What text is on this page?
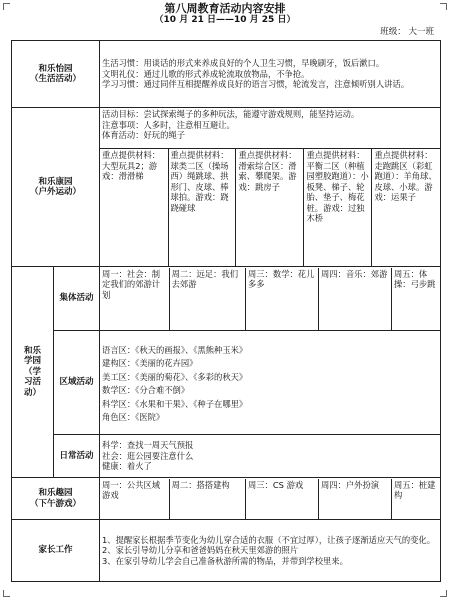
第八周教育活动内容安排
（10 月 21 日——10 月 25 日）
班级： 大一班
和乐怡园
（生活活动）

生活习惯：用谈话的形式来养成良好的个人卫生习惯，早晚刷牙，饭后漱口。
文明礼仪：通过儿歌的形式养成轮流取放物品，不争抢。
学习习惯：通过同伴互相提醒养成良好的语言习惯，轮流发言，注意倾听别人讲话。

和乐康园
（户外运动）

活动目标：尝试探索绳子的多种玩法，能遵守游戏规则，能坚持运动。
注意事项：人多时，注意相互避让。
体育活动：好玩的绳子

重点提供材料：大型玩具2；游戏：滑滑梯	重点提供材料：球类二区（操场西）绳跳球、拱形门、皮球、棒球拍。游戏：跷跷碰球	重点提供材料：滑索综合区：滑索、攀爬架。游戏：跳房子	重点提供材料：平衡二区（种植园塑胶跑道）：小板凳、梯子、轮胎、垫子、梅花桩。游戏：过独木桥	重点提供材料：走跑跳区（彩虹跑道）：羊角球、皮球、小球。游戏：运果子

和乐
学园
（学
习活
动）
	集体活动	
周一：社会：制定我们的郊游计划	周二：远足：我们去郊游	周三：数学：花儿多多	周四：音乐：郊游	周五：体操：弓步跳

区域活动	
语言区：《秋天的画报》、《黑熊种玉米》
建构区：《美丽的花卉园》
美工区：《美丽的菊花》、《多彩的秋天》
数学区：《分合难不倒》
科学区：《水果和干果》、《种子在哪里》
角色区：《医院》

日常活动	
科学：查找一周天气预报
社会：逛公园要注意什么
健康：着火了

和乐趣园
（下午游戏）

周一：公共区域游戏	周二：搭搭建构	周三：CS 游戏	周四：户外扮演	周五：桩建构

家长工作	
1、提醒家长根据季节变化为幼儿穿合适的衣服（不宜过厚），让孩子逐渐适应天气的变化。
2、家长引导幼儿分享和爸爸妈妈在秋天里郊游的照片
3、在家引导幼儿学会自己准备秋游所需的物品，并带到学校里来。
